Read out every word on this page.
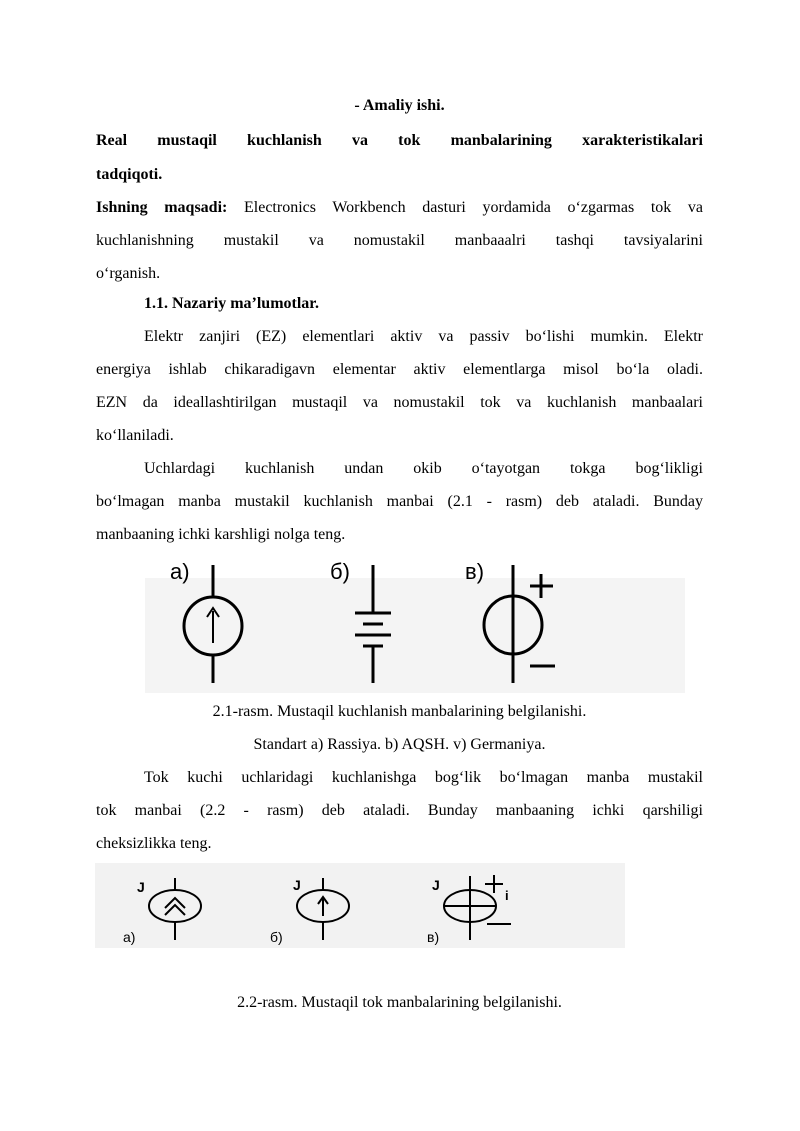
- Amaliy ishi.
Real mustaqil kuchlanish va tok manbalarining xarakteristikalari
tadqiqoti.
Ishning maqsadi: Electronics Workbench dasturi yordamida o‘zgarmas tok va
kuchlanishning mustakil va nomustakil manbaaalri tashqi tavsiyalarini
o‘rganish.
1.1. Nazariy ma’lumotlar.
Elektr zanjiri (EZ) elementlari aktiv va passiv bo‘lishi mumkin. Elektr
energiya ishlab chikaradigavn elementar aktiv elementlarga misol bo‘la oladi.
EZN da ideallashtirilgan mustaqil va nomustakil tok va kuchlanish manbaalari
ko‘llaniladi.
Uchlardagi kuchlanish undan okib o‘tayotgan tokga bog‘likligi
bo‘lmagan manba mustakil kuchlanish manbai (2.1 - rasm) deb ataladi. Bunday
manbaaning ichki karshligi nolga teng.
2.1-rasm. Mustaqil kuchlanish manbalarining belgilanishi.
Standart a) Rassiya. b) AQSH. v) Germaniya.
Tok kuchi uchlaridagi kuchlanishga bog‘lik bo‘lmagan manba mustakil
tok manbai (2.2 - rasm) deb ataladi. Bunday manbaaning ichki qarshiligi
cheksizlikka teng.
2.2-rasm. Mustaqil tok manbalarining belgilanishi.
а)	б)	в)
J
а)
J
б)
J
в)
i
